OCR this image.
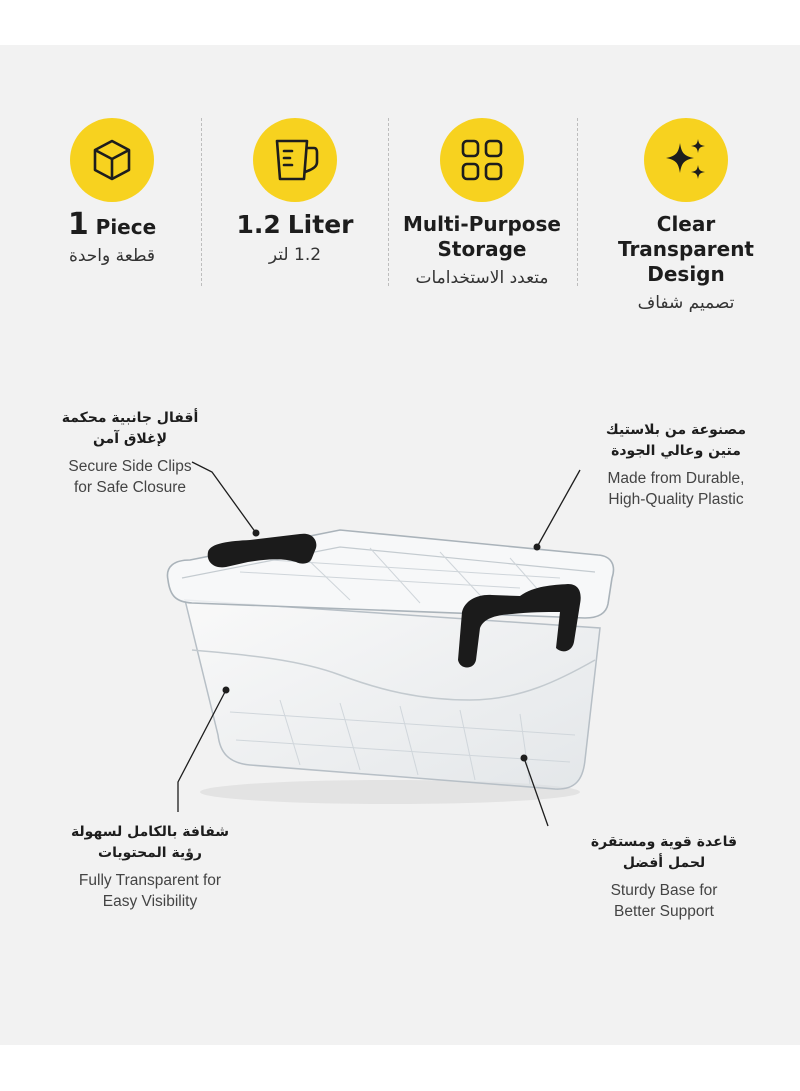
1 Piece
قطعة واحدة
1.2 Liter
1.2 لتر
Multi-Purpose
Storage
متعدد الاستخدامات
Clear Transparent
Design
تصميم شفاف
أقفال جانبية محكمة
لإغلاق آمن
Secure Side Clips
for Safe Closure
مصنوعة من بلاستيك
متين وعالي الجودة
Made from Durable,
High-Quality Plastic
شفافة بالكامل لسهولة
رؤية المحتويات
Fully Transparent for
Easy Visibility
قاعدة قوية ومستقرة
لحمل أفضل
Sturdy Base for
Better Support
